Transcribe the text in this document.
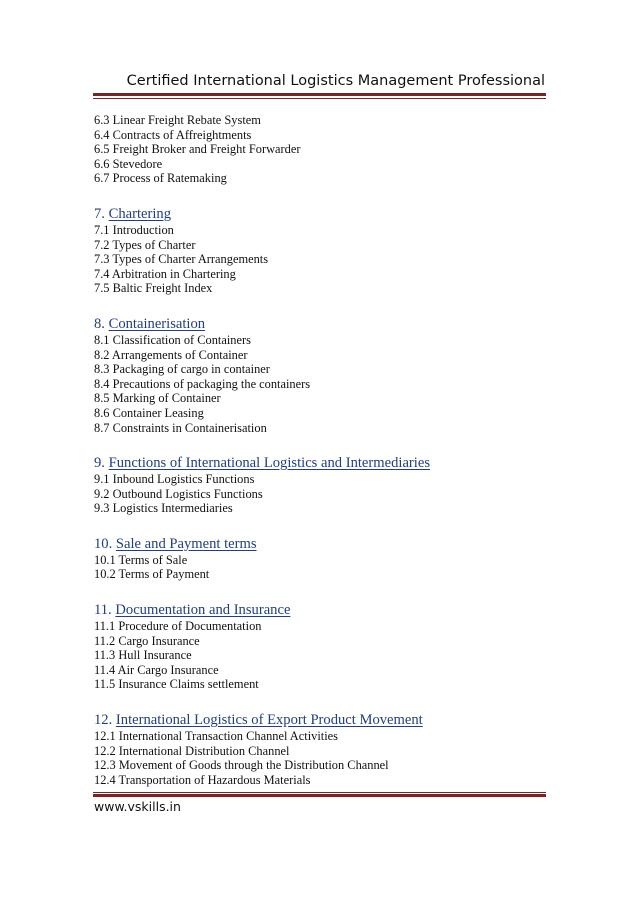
Certified International Logistics Management Professional
6.3 Linear Freight Rebate System
6.4 Contracts of Affreightments
6.5 Freight Broker and Freight Forwarder
6.6 Stevedore
6.7 Process of Ratemaking
7. Chartering
7.1 Introduction
7.2 Types of Charter
7.3 Types of Charter Arrangements
7.4 Arbitration in Chartering
7.5 Baltic Freight Index
8. Containerisation
8.1 Classification of Containers
8.2 Arrangements of Container
8.3 Packaging of cargo in container
8.4 Precautions of packaging the containers
8.5 Marking of Container
8.6 Container Leasing
8.7 Constraints in Containerisation
9. Functions of International Logistics and Intermediaries
9.1 Inbound Logistics Functions
9.2 Outbound Logistics Functions
9.3 Logistics Intermediaries
10. Sale and Payment terms
10.1 Terms of Sale
10.2 Terms of Payment
11. Documentation and Insurance
11.1 Procedure of Documentation
11.2 Cargo Insurance
11.3 Hull Insurance
11.4 Air Cargo Insurance
11.5 Insurance Claims settlement
12. International Logistics of Export Product Movement
12.1 International Transaction Channel Activities
12.2 International Distribution Channel
12.3 Movement of Goods through the Distribution Channel
12.4 Transportation of Hazardous Materials
www.vskills.in
